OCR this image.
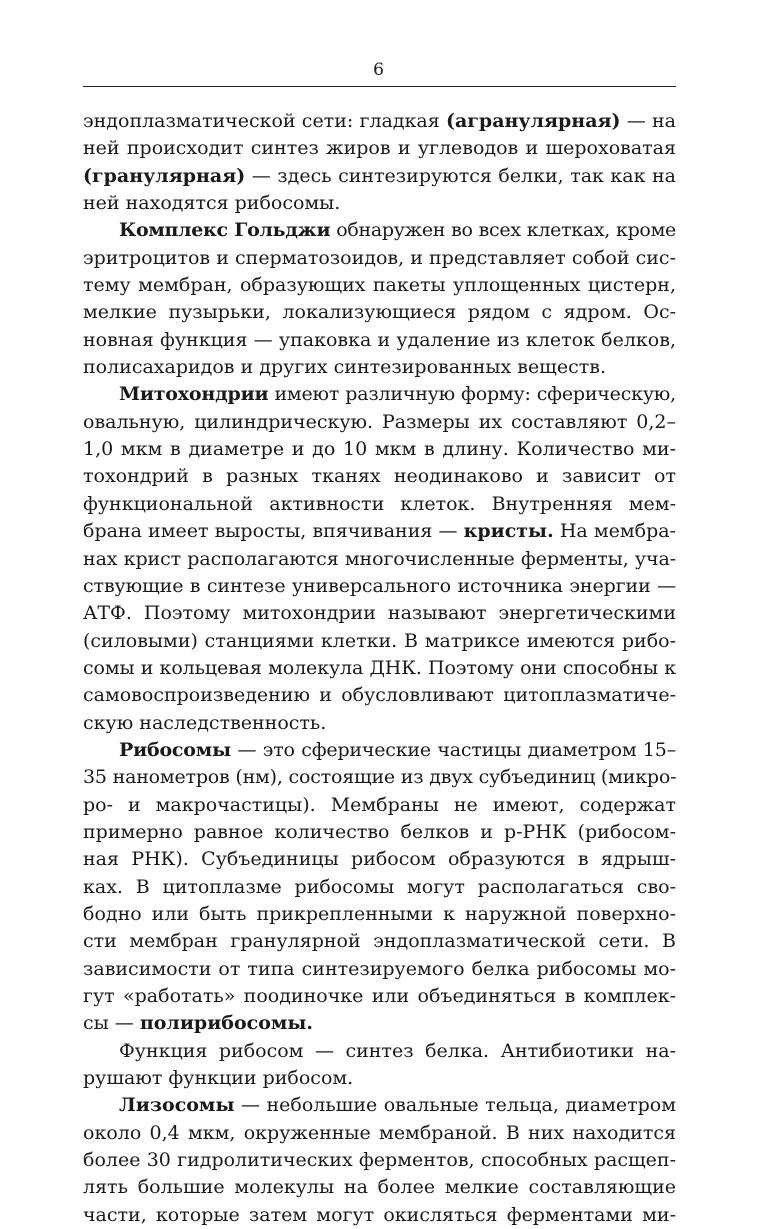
6
эндоплазматической сети: гладкая (агранулярная) — на
ней происходит синтез жиров и углеводов и шероховатая
(гранулярная) — здесь синтезируются белки, так как на
ней находятся рибосомы.
Комплекс Гольджи обнаружен во всех клетках, кроме
эритроцитов и сперматозоидов, и представляет собой сис-
тему мембран, образующих пакеты уплощенных цистерн,
мелкие пузырьки, локализующиеся рядом с ядром. Ос-
новная функция — упаковка и удаление из клеток белков,
полисахаридов и других синтезированных веществ.
Митохондрии имеют различную форму: сферическую,
овальную, цилиндрическую. Размеры их составляют 0,2–
1,0 мкм в диаметре и до 10 мкм в длину. Количество ми-
тохондрий в разных тканях неодинаково и зависит от
функциональной активности клеток. Внутренняя мем-
брана имеет выросты, впячивания — кристы. На мембра-
нах крист располагаются многочисленные ферменты, уча-
ствующие в синтезе универсального источника энергии —
АТФ. Поэтому митохондрии называют энергетическими
(силовыми) станциями клетки. В матриксе имеются рибо-
сомы и кольцевая молекула ДНК. Поэтому они способны к
самовоспроизведению и обусловливают цитоплазматиче-
скую наследственность.
Рибосомы — это сферические частицы диаметром 15–
35 нанометров (нм), состоящие из двух субъединиц (микро-
ро- и макрочастицы). Мембраны не имеют, содержат
примерно равное количество белков и р-РНК (рибосом-
ная РНК). Субъединицы рибосом образуются в ядрыш-
ках. В цитоплазме рибосомы могут располагаться сво-
бодно или быть прикрепленными к наружной поверхно-
сти мембран гранулярной эндоплазматической сети. В
зависимости от типа синтезируемого белка рибосомы мо-
гут «работать» поодиночке или объединяться в комплек-
сы — полирибосомы.
Функция рибосом — синтез белка. Антибиотики на-
рушают функции рибосом.
Лизосомы — небольшие овальные тельца, диаметром
около 0,4 мкм, окруженные мембраной. В них находится
более 30 гидролитических ферментов, способных расщеп-
лять большие молекулы на более мелкие составляющие
части, которые затем могут окисляться ферментами ми-
